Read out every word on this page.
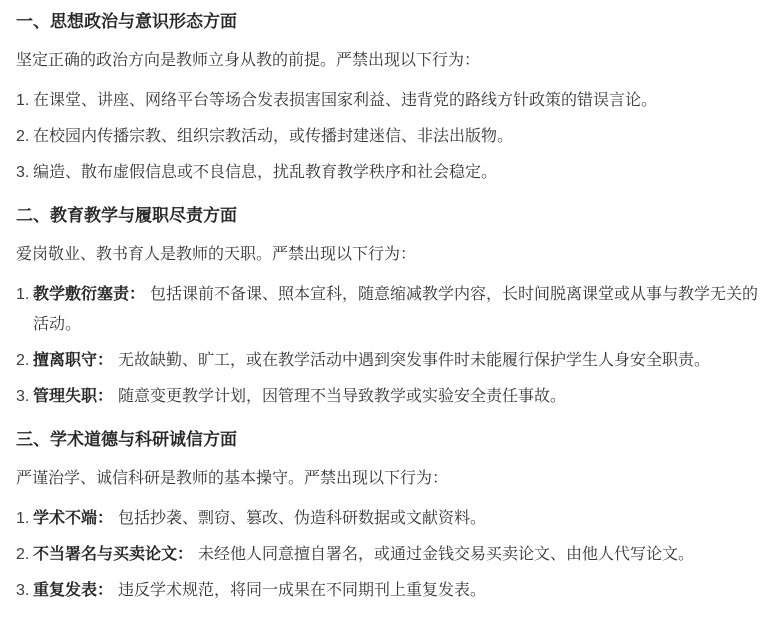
一、思想政治与意识形态方面
坚定正确的政治方向是教师立身从教的前提。严禁出现以下行为：
1. 在课堂、讲座、网络平台等场合发表损害国家利益、违背党的路线方针政策的错误言论。
2. 在校园内传播宗教、组织宗教活动，或传播封建迷信、非法出版物。
3. 编造、散布虚假信息或不良信息，扰乱教育教学秩序和社会稳定。
二、教育教学与履职尽责方面
爱岗敬业、教书育人是教师的天职。严禁出现以下行为：
1. 教学敷衍塞责： 包括课前不备课、照本宣科，随意缩减教学内容，长时间脱离课堂或从事与教学无关的活动。
2. 擅离职守： 无故缺勤、旷工，或在教学活动中遇到突发事件时未能履行保护学生人身安全职责。
3. 管理失职： 随意变更教学计划，因管理不当导致教学或实验安全责任事故。
三、学术道德与科研诚信方面
严谨治学、诚信科研是教师的基本操守。严禁出现以下行为：
1. 学术不端： 包括抄袭、剽窃、篡改、伪造科研数据或文献资料。
2. 不当署名与买卖论文： 未经他人同意擅自署名，或通过金钱交易买卖论文、由他人代写论文。
3. 重复发表： 违反学术规范，将同一成果在不同期刊上重复发表。
